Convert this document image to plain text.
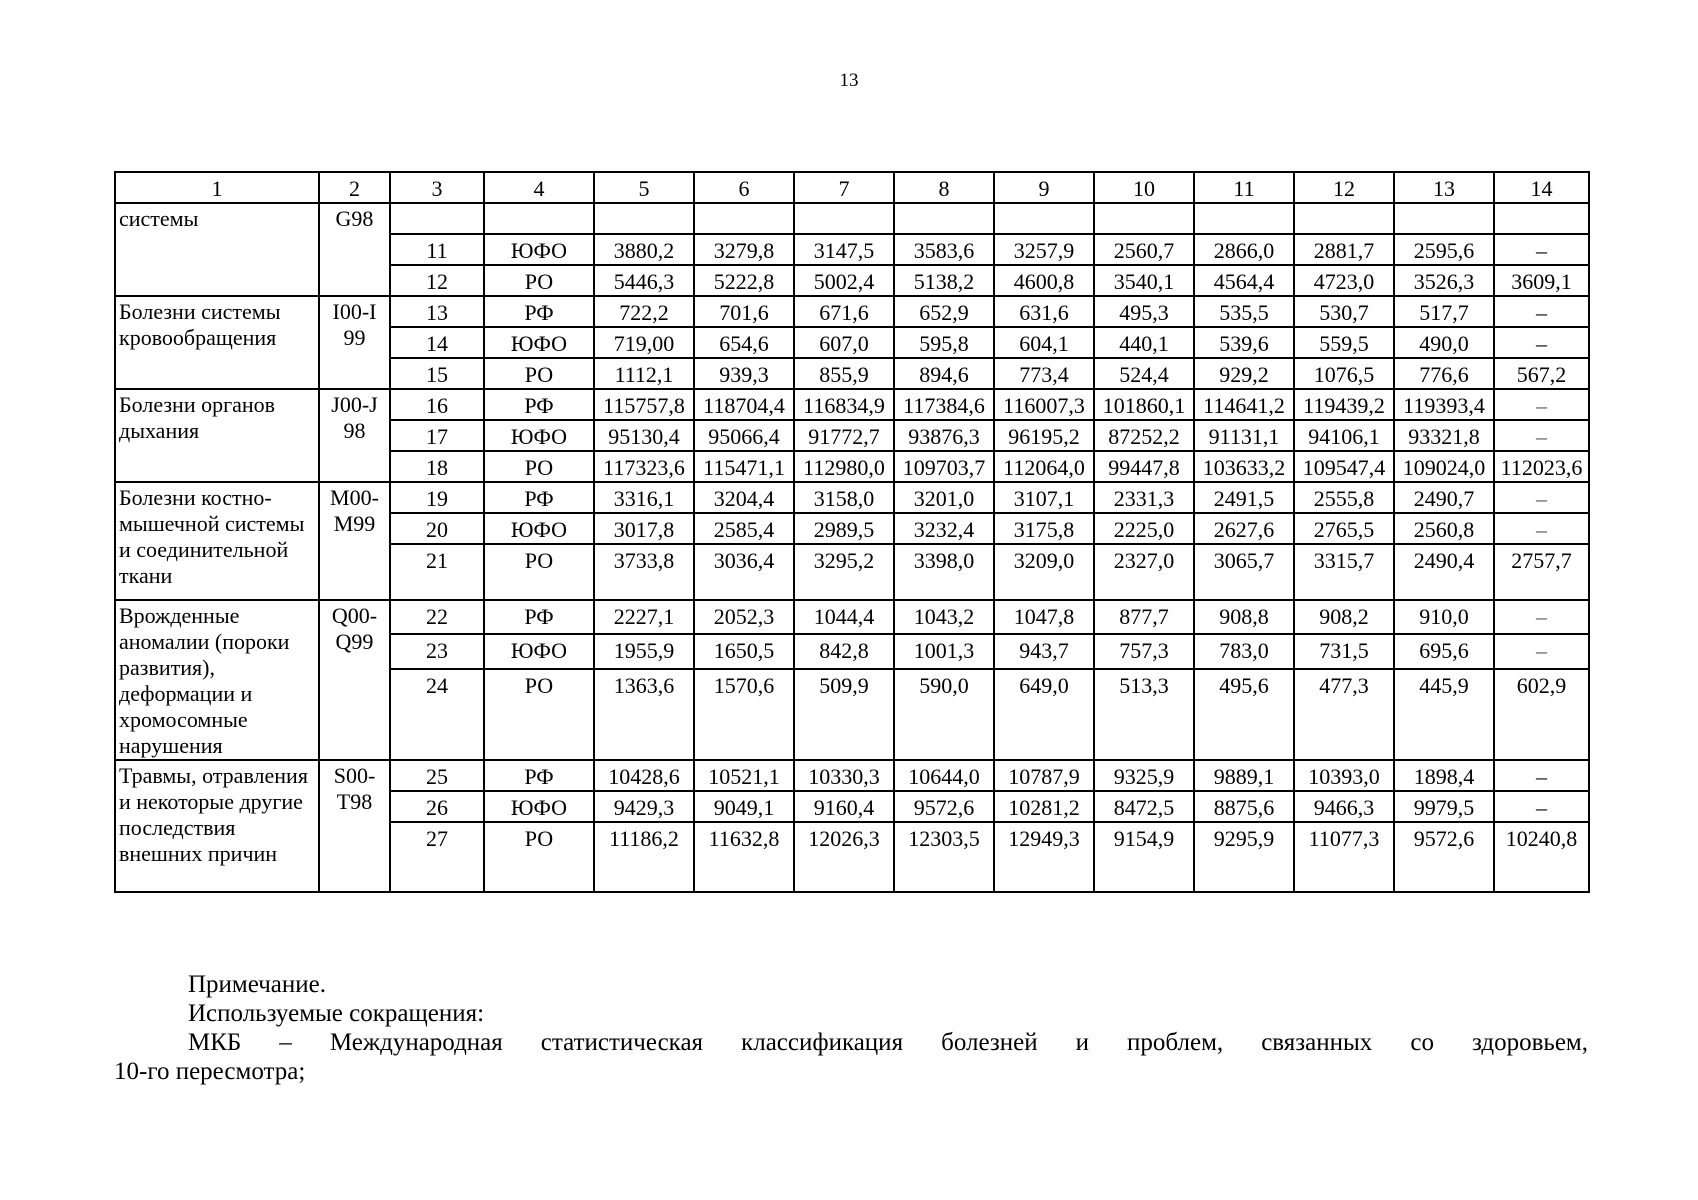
13
1	2	3	4	5	6	7	8	9	10	11	12	13	14
системы	G98												
		11	ЮФО	3880,2	3279,8	3147,5	3583,6	3257,9	2560,7	2866,0	2881,7	2595,6	–
		12	РО	5446,3	5222,8	5002,4	5138,2	4600,8	3540,1	4564,4	4723,0	3526,3	3609,1
Болезни системы кровообращения	I00-I99	13	РФ	722,2	701,6	671,6	652,9	631,6	495,3	535,5	530,7	517,7	–
		14	ЮФО	719,00	654,6	607,0	595,8	604,1	440,1	539,6	559,5	490,0	–
		15	РО	1112,1	939,3	855,9	894,6	773,4	524,4	929,2	1076,5	776,6	567,2
Болезни органов дыхания	J00-J98	16	РФ	115757,8	118704,4	116834,9	117384,6	116007,3	101860,1	114641,2	119439,2	119393,4	–
		17	ЮФО	95130,4	95066,4	91772,7	93876,3	96195,2	87252,2	91131,1	94106,1	93321,8	–
		18	РО	117323,6	115471,1	112980,0	109703,7	112064,0	99447,8	103633,2	109547,4	109024,0	112023,6
Болезни костно-мышечной системы и соединительной ткани	M00-M99	19	РФ	3316,1	3204,4	3158,0	3201,0	3107,1	2331,3	2491,5	2555,8	2490,7	–
		20	ЮФО	3017,8	2585,4	2989,5	3232,4	3175,8	2225,0	2627,6	2765,5	2560,8	–
		21	РО	3733,8	3036,4	3295,2	3398,0	3209,0	2327,0	3065,7	3315,7	2490,4	2757,7
Врожденные аномалии (пороки развития), деформации и хромосомные нарушения	Q00-Q99	22	РФ	2227,1	2052,3	1044,4	1043,2	1047,8	877,7	908,8	908,2	910,0	–
		23	ЮФО	1955,9	1650,5	842,8	1001,3	943,7	757,3	783,0	731,5	695,6	–
		24	РО	1363,6	1570,6	509,9	590,0	649,0	513,3	495,6	477,3	445,9	602,9
Травмы, отравления и некоторые другие последствия внешних причин	S00-T98	25	РФ	10428,6	10521,1	10330,3	10644,0	10787,9	9325,9	9889,1	10393,0	1898,4	–
		26	ЮФО	9429,3	9049,1	9160,4	9572,6	10281,2	8472,5	8875,6	9466,3	9979,5	–
		27	РО	11186,2	11632,8	12026,3	12303,5	12949,3	9154,9	9295,9	11077,3	9572,6	10240,8

Примечание.

Используемые сокращения:

МКБ – Международная статистическая классификация болезней и проблем, связанных со здоровьем,

10-го пересмотра;
